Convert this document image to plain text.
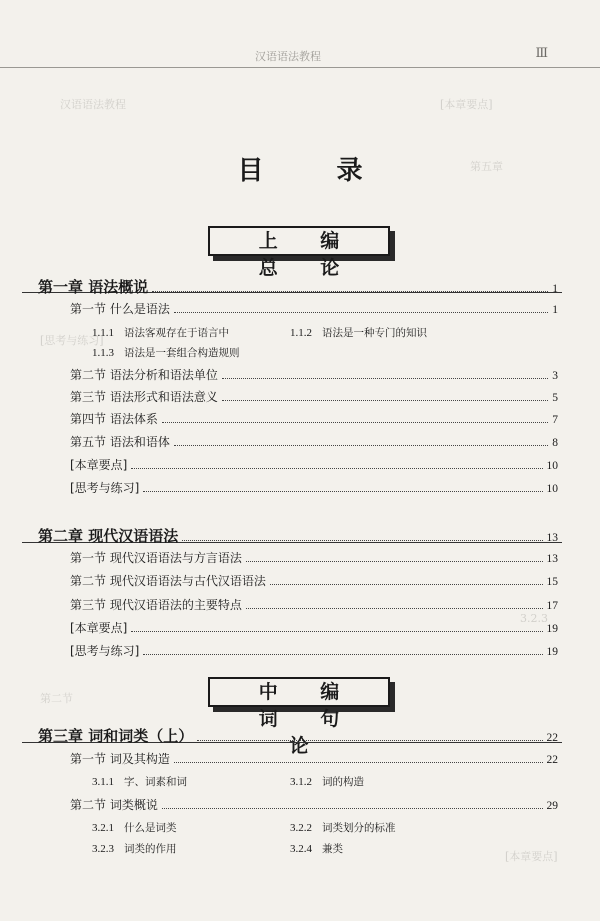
汉语语法教程	Ⅲ
汉语语法教程	[本章要点]
第五章
[思考与练习]
3.2.3
第二节
[本章要点]
目 录
上 编 总 论
第一章 语法概说	1
第一节 什么是语法	1
1.1.1 语法客观存在于语言中	1.1.2 语法是一种专门的知识
1.1.3 语法是一套组合构造规则
第二节 语法分析和语法单位	3
第三节 语法形式和语法意义	5
第四节 语法体系	7
第五节 语法和语体	8
[本章要点]	10
[思考与练习]	10
第二章 现代汉语语法	13
第一节 现代汉语语法与方言语法	13
第二节 现代汉语语法与古代汉语语法	15
第三节 现代汉语语法的主要特点	17
[本章要点]	19
[思考与练习]	19
中 编 词 句 论
第三章 词和词类（上）	22
第一节 词及其构造	22
3.1.1 字、词素和词	3.1.2 词的构造
第二节 词类概说	29
3.2.1 什么是词类	3.2.2 词类划分的标准
3.2.3 词类的作用	3.2.4 兼类
